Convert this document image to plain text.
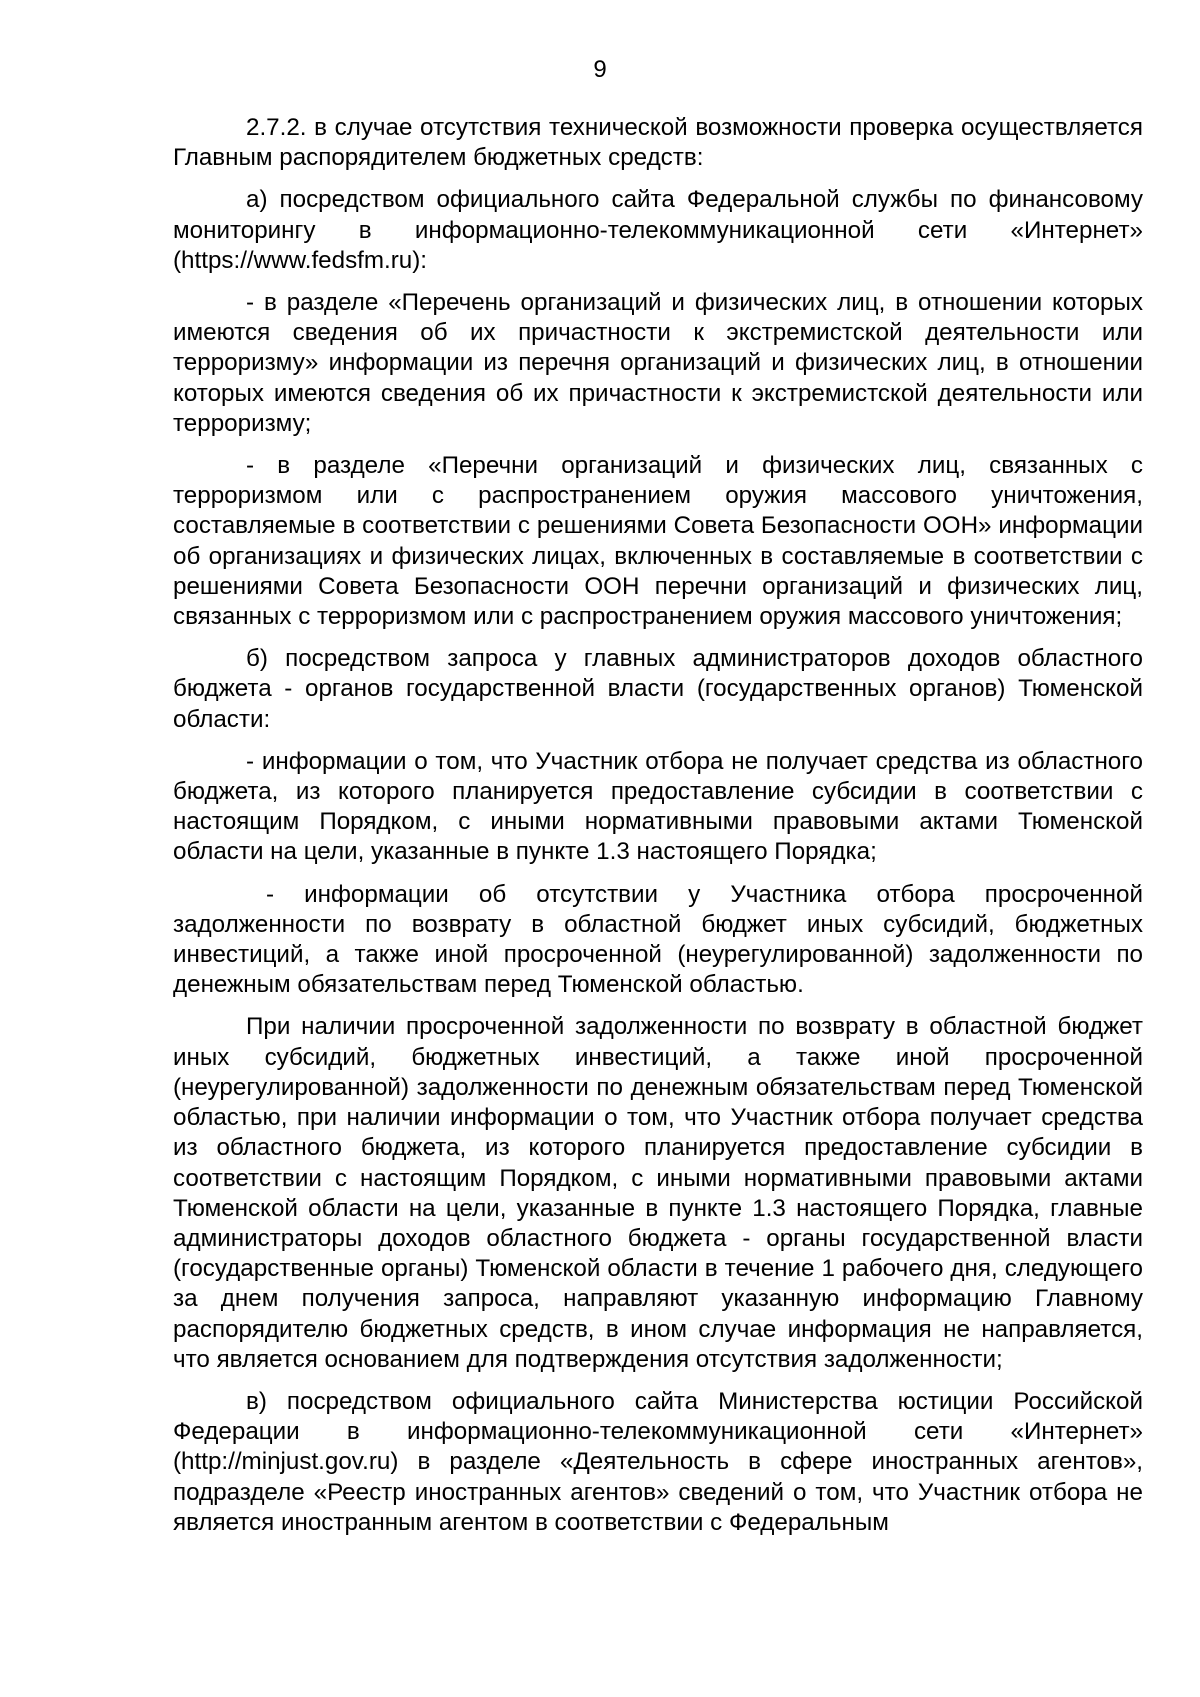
9

2.7.2. в случае отсутствия технической возможности проверка осуществляется Главным распорядителем бюджетных средств:

а) посредством официального сайта Федеральной службы по финансовому мониторингу в информационно-телекоммуникационной сети «Интернет» (https://www.fedsfm.ru):

- в разделе «Перечень организаций и физических лиц, в отношении которых имеются сведения об их причастности к экстремистской деятельности или терроризму» информации из перечня организаций и физических лиц, в отношении которых имеются сведения об их причастности к экстремистской деятельности или терроризму;

- в разделе «Перечни организаций и физических лиц, связанных с терроризмом или с распространением оружия массового уничтожения, составляемые в соответствии с решениями Совета Безопасности ООН» информации об организациях и физических лицах, включенных в составляемые в соответствии с решениями Совета Безопасности ООН перечни организаций и физических лиц, связанных с терроризмом или с распространением оружия массового уничтожения;

б) посредством запроса у главных администраторов доходов областного бюджета - органов государственной власти (государственных органов) Тюменской области:

- информации о том, что Участник отбора не получает средства из областного бюджета, из которого планируется предоставление субсидии в соответствии с настоящим Порядком, с иными нормативными правовыми актами Тюменской области на цели, указанные в пункте 1.3 настоящего Порядка;

- информации об отсутствии у Участника отбора просроченной задолженности по возврату в областной бюджет иных субсидий, бюджетных инвестиций, а также иной просроченной (неурегулированной) задолженности по денежным обязательствам перед Тюменской областью.

При наличии просроченной задолженности по возврату в областной бюджет иных субсидий, бюджетных инвестиций, а также иной просроченной (неурегулированной) задолженности по денежным обязательствам перед Тюменской областью, при наличии информации о том, что Участник отбора получает средства из областного бюджета, из которого планируется предоставление субсидии в соответствии с настоящим Порядком, с иными нормативными правовыми актами Тюменской области на цели, указанные в пункте 1.3 настоящего Порядка, главные администраторы доходов областного бюджета - органы государственной власти (государственные органы) Тюменской области в течение 1 рабочего дня, следующего за днем получения запроса, направляют указанную информацию Главному распорядителю бюджетных средств, в ином случае информация не направляется, что является основанием для подтверждения отсутствия задолженности;

в) посредством официального сайта Министерства юстиции Российской Федерации в информационно-телекоммуникационной сети «Интернет» (http://minjust.gov.ru) в разделе «Деятельность в сфере иностранных агентов», подразделе «Реестр иностранных агентов» сведений о том, что Участник отбора не является иностранным агентом в соответствии с Федеральным
